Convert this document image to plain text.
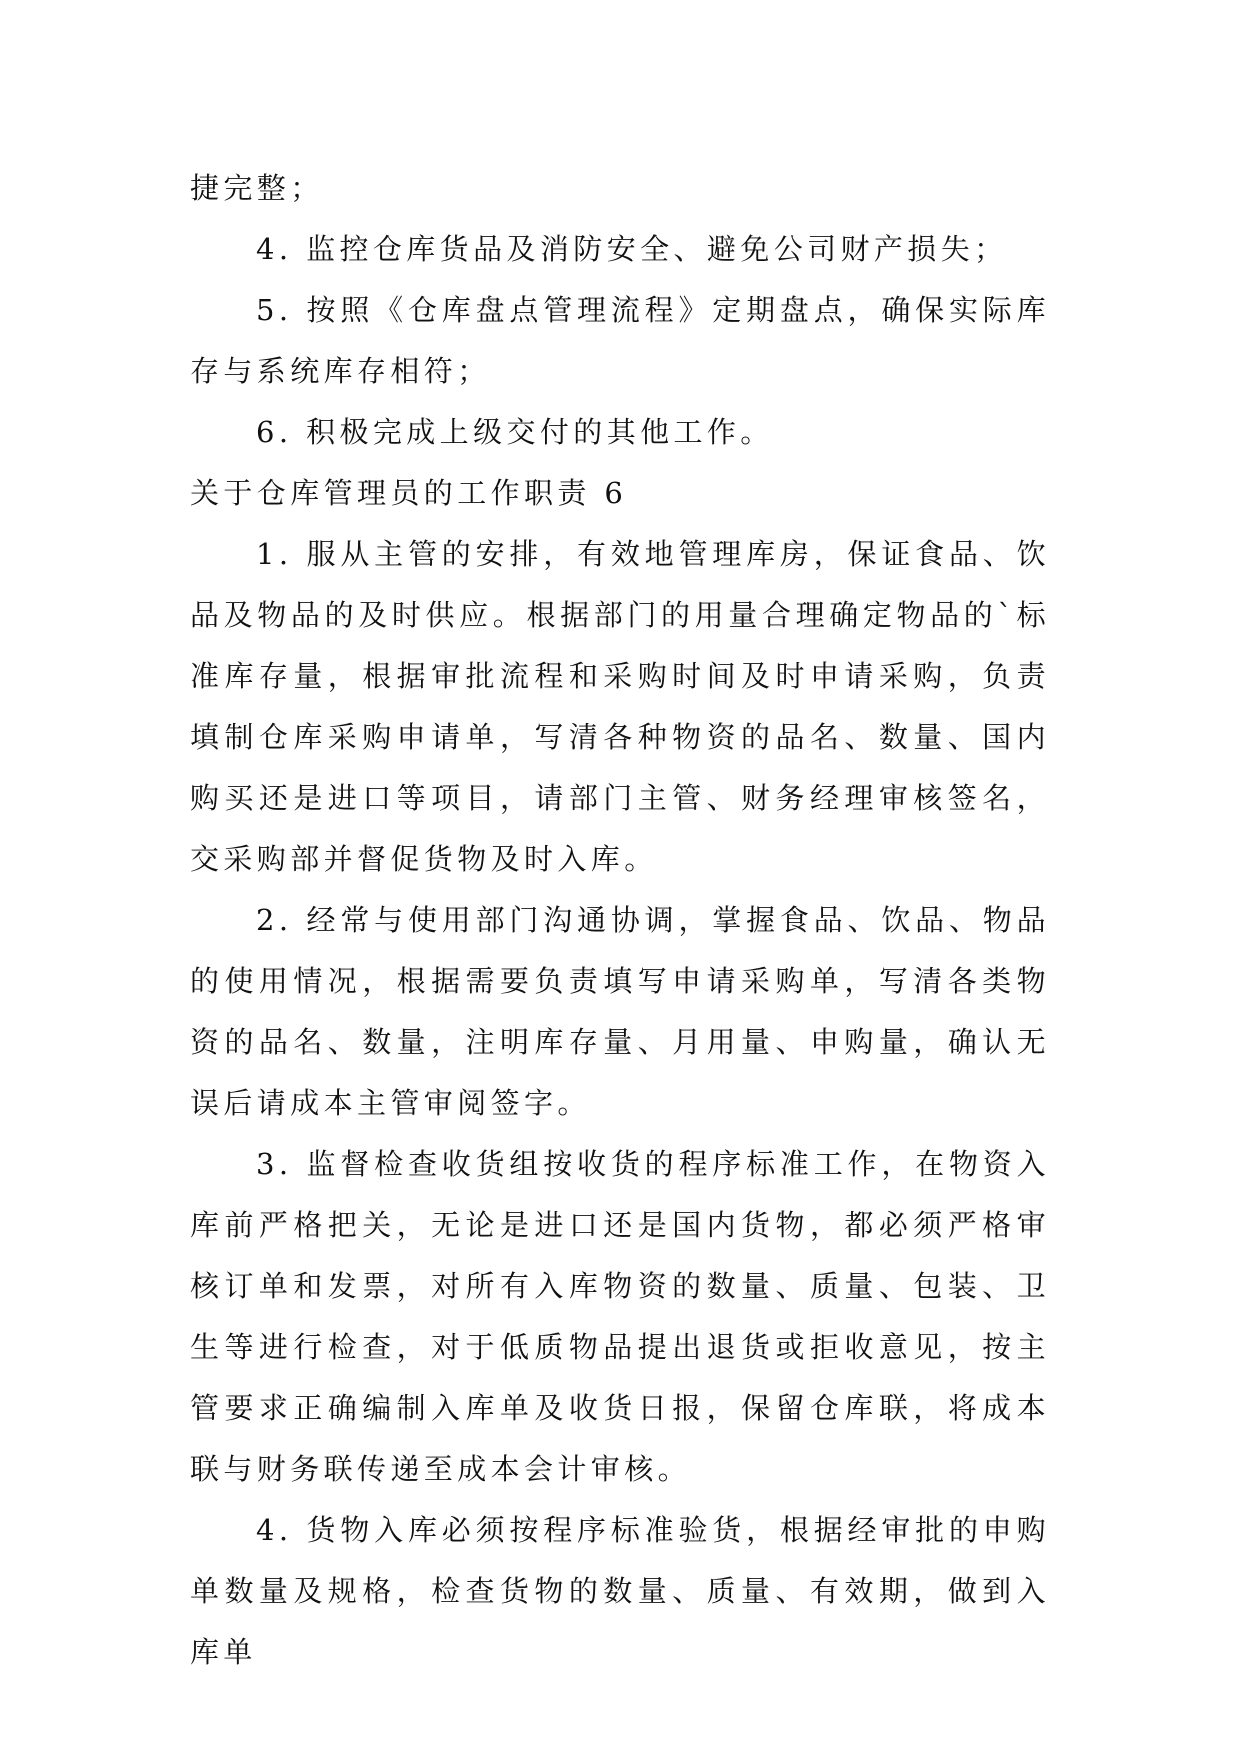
捷完整；

4. 监控仓库货品及消防安全、避免公司财产损失；

5. 按照《仓库盘点管理流程》定期盘点，确保实际库存与系统库存相符；

6. 积极完成上级交付的其他工作。

关于仓库管理员的工作职责 6

1. 服从主管的安排，有效地管理库房，保证食品、饮品及物品的及时供应。根据部门的用量合理确定物品的`标准库存量，根据审批流程和采购时间及时申请采购，负责填制仓库采购申请单，写清各种物资的品名、数量、国内购买还是进口等项目，请部门主管、财务经理审核签名，交采购部并督促货物及时入库。

2. 经常与使用部门沟通协调，掌握食品、饮品、物品的使用情况，根据需要负责填写申请采购单，写清各类物资的品名、数量，注明库存量、月用量、申购量，确认无误后请成本主管审阅签字。

3. 监督检查收货组按收货的程序标准工作，在物资入库前严格把关，无论是进口还是国内货物，都必须严格审核订单和发票，对所有入库物资的数量、质量、包装、卫生等进行检查，对于低质物品提出退货或拒收意见，按主管要求正确编制入库单及收货日报，保留仓库联，将成本联与财务联传递至成本会计审核。

4. 货物入库必须按程序标准验货，根据经审批的申购单数量及规格，检查货物的数量、质量、有效期，做到入库单
